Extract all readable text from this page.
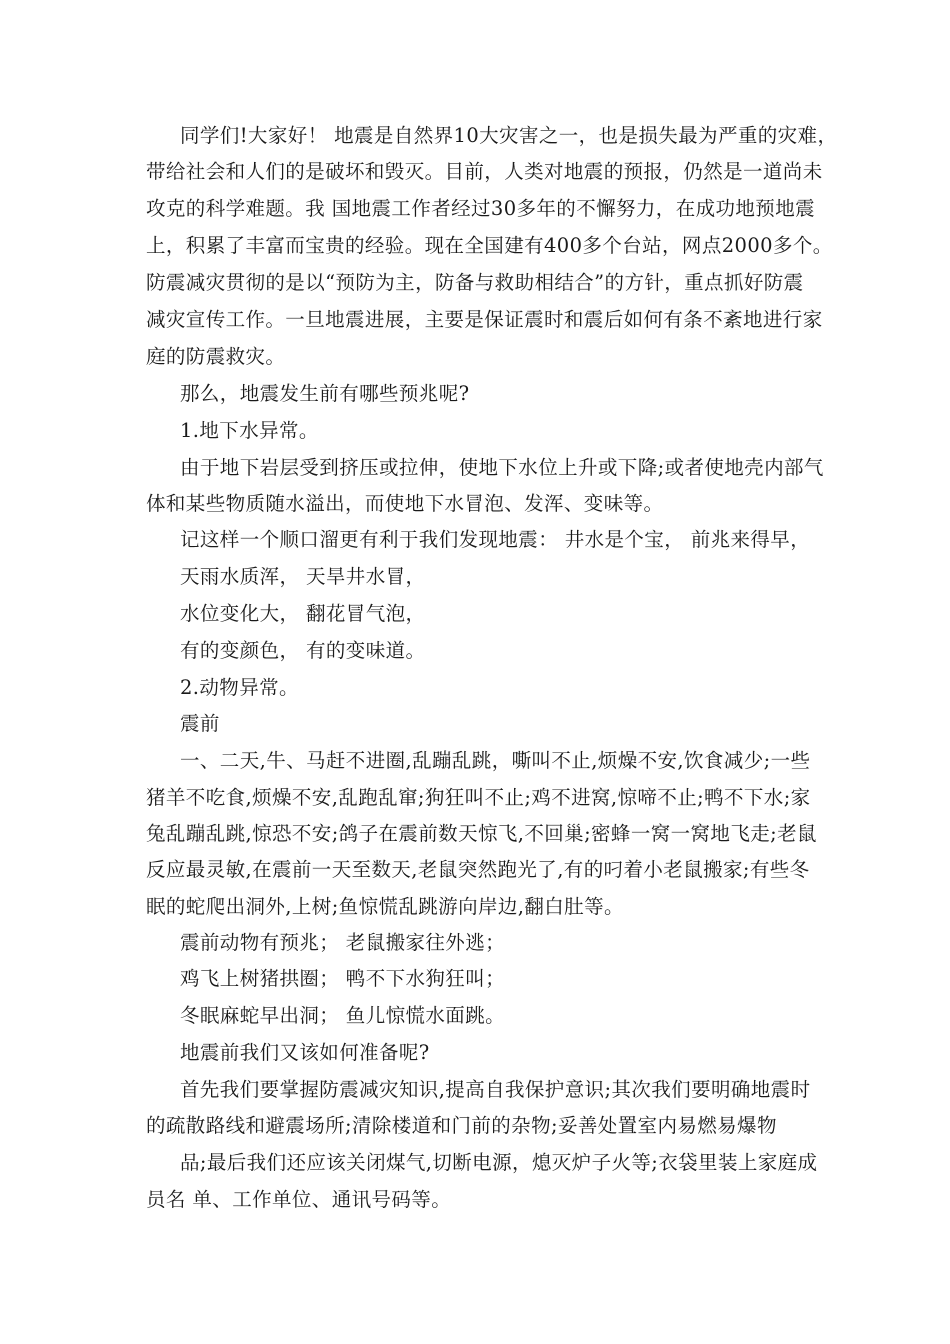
同学们!大家好！ 地震是自然界10大灾害之一，也是损失最为严重的灾难，
带给社会和人们的是破坏和毁灭。目前，人类对地震的预报，仍然是一道尚未
攻克的科学难题。我 国地震工作者经过30多年的不懈努力，在成功地预地震
上，积累了丰富而宝贵的经验。现在全国建有400多个台站，网点2000多个。
防震减灾贯彻的是以“预防为主，防备与救助相结合”的方针，重点抓好防震
减灾宣传工作。一旦地震进展，主要是保证震时和震后如何有条不紊地进行家
庭的防震救灾。
那么，地震发生前有哪些预兆呢?
1.地下水异常。
由于地下岩层受到挤压或拉伸，使地下水位上升或下降;或者使地壳内部气
体和某些物质随水溢出，而使地下水冒泡、发浑、变味等。
记这样一个顺口溜更有利于我们发现地震： 井水是个宝， 前兆来得早，
天雨水质浑， 天旱井水冒，
水位变化大， 翻花冒气泡，
有的变颜色， 有的变味道。
2.动物异常。
震前
一、二天,牛、马赶不进圈,乱蹦乱跳，嘶叫不止,烦燥不安,饮食减少;一些
猪羊不吃食,烦燥不安,乱跑乱窜;狗狂叫不止;鸡不进窝,惊啼不止;鸭不下水;家
兔乱蹦乱跳,惊恐不安;鸽子在震前数天惊飞,不回巢;密蜂一窝一窝地飞走;老鼠
反应最灵敏,在震前一天至数天,老鼠突然跑光了,有的叼着小老鼠搬家;有些冬
眠的蛇爬出洞外,上树;鱼惊慌乱跳游向岸边,翻白肚等。
震前动物有预兆； 老鼠搬家往外逃；
鸡飞上树猪拱圈； 鸭不下水狗狂叫；
冬眠麻蛇早出洞； 鱼儿惊慌水面跳。
地震前我们又该如何准备呢?
首先我们要掌握防震减灾知识,提高自我保护意识;其次我们要明确地震时
的疏散路线和避震场所;清除楼道和门前的杂物;妥善处置室内易燃易爆物
品;最后我们还应该关闭煤气,切断电源，熄灭炉子火等;衣袋里装上家庭成
员名 单、工作单位、通讯号码等。
